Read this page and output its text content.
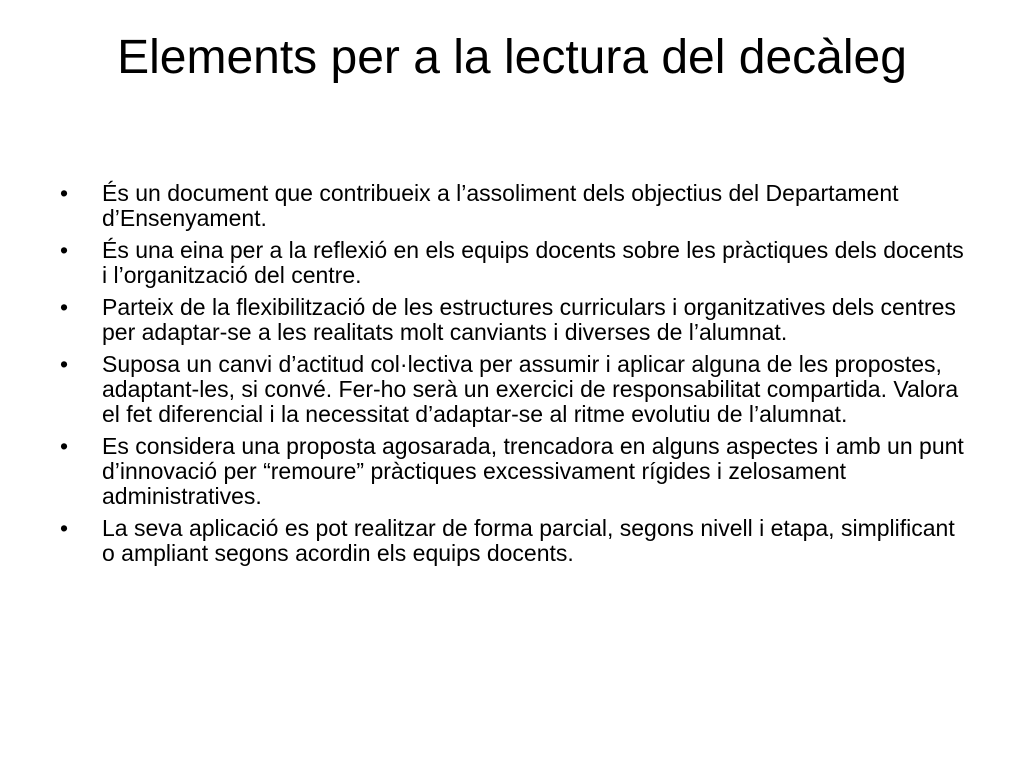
Elements per a la lectura del decàleg
•	És un document que contribueix a l’assoliment dels objectius del Departament d’Ensenyament.
•	És una eina per a la reflexió en els equips docents sobre les pràctiques dels docents i l’organització del centre.
•	Parteix de la flexibilització de les estructures curriculars i organitzatives dels centres per adaptar-se a les realitats molt canviants i diverses de l’alumnat.
•	Suposa un canvi d’actitud col·lectiva per assumir i aplicar alguna de les propostes, adaptant-les, si convé. Fer-ho serà un exercici de responsabilitat compartida. Valora el fet diferencial i la necessitat d’adaptar-se al ritme evolutiu de l’alumnat.
•	Es considera una proposta agosarada, trencadora en alguns aspectes i amb un punt d’innovació per “remoure” pràctiques excessivament rígides i zelosament administratives.
•	La seva aplicació es pot realitzar de forma parcial, segons nivell i etapa, simplificant o ampliant segons acordin els equips docents.
